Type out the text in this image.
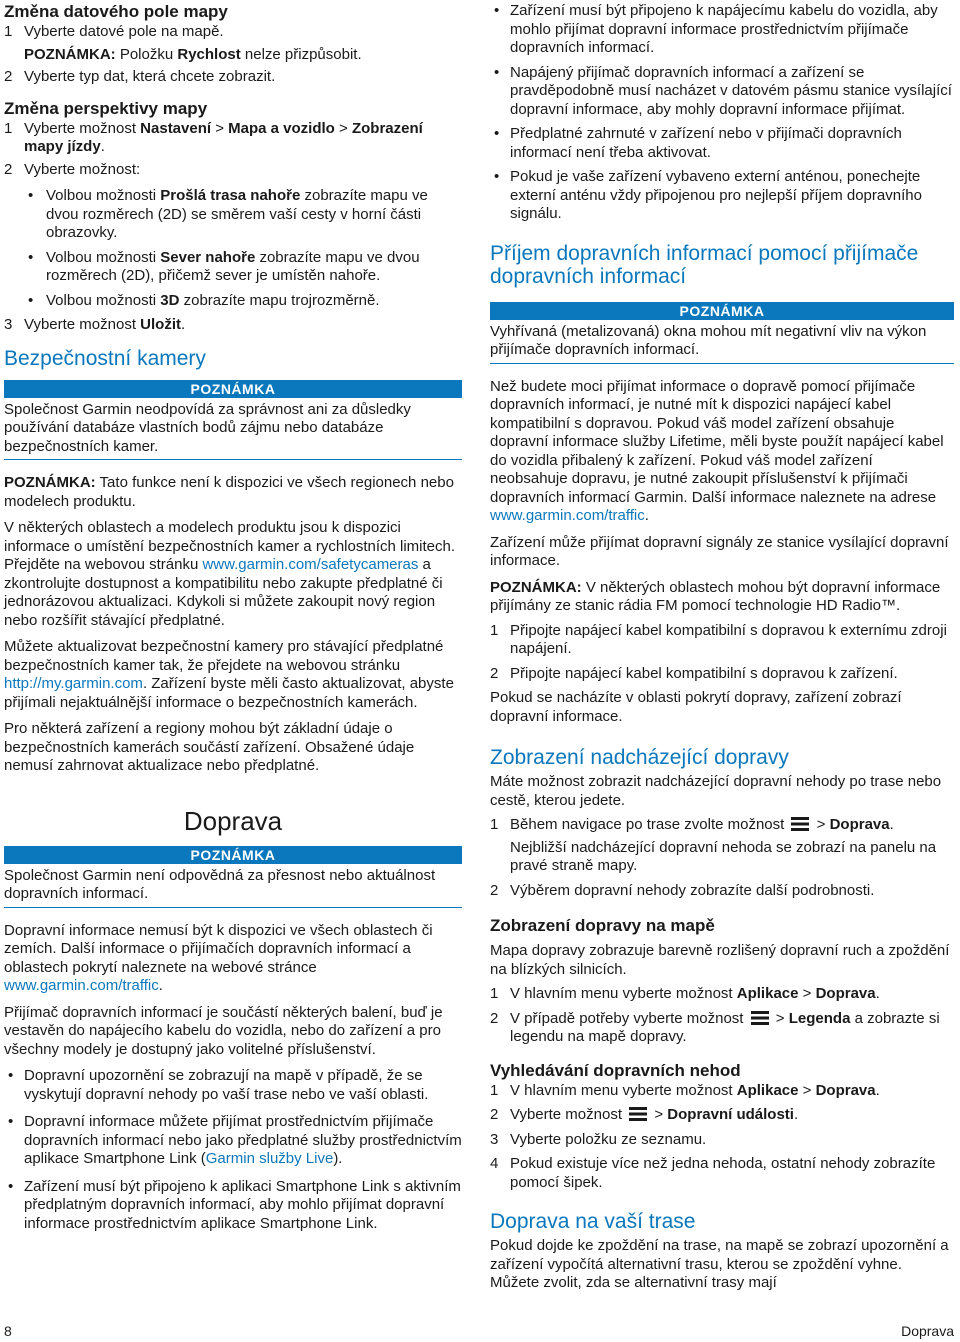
Změna datového pole mapy
1 Vyberte datové pole na mapě.
POZNÁMKA: Položku Rychlost nelze přizpůsobit.
2 Vyberte typ dat, která chcete zobrazit.
Změna perspektivy mapy
1 Vyberte možnost Nastavení > Mapa a vozidlo > Zobrazení mapy jízdy.
2 Vyberte možnost:
• Volbou možnosti Prošlá trasa nahoře zobrazíte mapu ve dvou rozměrech (2D) se směrem vaší cesty v horní části obrazovky.
• Volbou možnosti Sever nahoře zobrazíte mapu ve dvou rozměrech (2D), přičemž sever je umístěn nahoře.
• Volbou možnosti 3D zobrazíte mapu trojrozměrně.
3 Vyberte možnost Uložit.
Bezpečnostní kamery
POZNÁMKA
Společnost Garmin neodpovídá za správnost ani za důsledky používání databáze vlastních bodů zájmu nebo databáze bezpečnostních kamer.

POZNÁMKA: Tato funkce není k dispozici ve všech regionech nebo modelech produktu.

V některých oblastech a modelech produktu jsou k dispozici informace o umístění bezpečnostních kamer a rychlostních limitech. Přejděte na webovou stránku www.garmin.com/safetycameras a zkontrolujte dostupnost a kompatibilitu nebo zakupte předplatné či jednorázovou aktualizaci. Kdykoli si můžete zakoupit nový region nebo rozšířit stávající předplatné.

Můžete aktualizovat bezpečnostní kamery pro stávající předplatné bezpečnostních kamer tak, že přejdete na webovou stránku http://my.garmin.com. Zařízení byste měli často aktualizovat, abyste přijímali nejaktuálnější informace o bezpečnostních kamerách.

Pro některá zařízení a regiony mohou být základní údaje o bezpečnostních kamerách součástí zařízení. Obsažené údaje nemusí zahrnovat aktualizace nebo předplatné.

Doprava
POZNÁMKA
Společnost Garmin není odpovědná za přesnost nebo aktuálnost dopravních informací.

Dopravní informace nemusí být k dispozici ve všech oblastech či zemích. Další informace o přijímačích dopravních informací a oblastech pokrytí naleznete na webové stránce www.garmin.com/traffic.

Přijímač dopravních informací je součástí některých balení, buď je vestavěn do napájecího kabelu do vozidla, nebo do zařízení a pro všechny modely je dostupný jako volitelné příslušenství.

• Dopravní upozornění se zobrazují na mapě v případě, že se vyskytují dopravní nehody po vaší trase nebo ve vaší oblasti.
• Dopravní informace můžete přijímat prostřednictvím přijímače dopravních informací nebo jako předplatné služby prostřednictvím aplikace Smartphone Link (Garmin služby Live).
• Zařízení musí být připojeno k aplikaci Smartphone Link s aktivním předplatným dopravních informací, aby mohlo přijímat dopravní informace prostřednictvím aplikace Smartphone Link.
• Zařízení musí být připojeno k napájecímu kabelu do vozidla, aby mohlo přijímat dopravní informace prostřednictvím přijímače dopravních informací.
• Napájený přijímač dopravních informací a zařízení se pravděpodobně musí nacházet v datovém pásmu stanice vysílající dopravní informace, aby mohly dopravní informace přijímat.
• Předplatné zahrnuté v zařízení nebo v přijímači dopravních informací není třeba aktivovat.
• Pokud je vaše zařízení vybaveno externí anténou, ponechejte externí anténu vždy připojenou pro nejlepší příjem dopravního signálu.
Příjem dopravních informací pomocí přijímače dopravních informací
POZNÁMKA
Vyhřívaná (metalizovaná) okna mohou mít negativní vliv na výkon přijímače dopravních informací.

Než budete moci přijímat informace o dopravě pomocí přijímače dopravních informací, je nutné mít k dispozici napájecí kabel kompatibilní s dopravou. Pokud váš model zařízení obsahuje dopravní informace služby Lifetime, měli byste použít napájecí kabel do vozidla přibalený k zařízení. Pokud váš model zařízení neobsahuje dopravu, je nutné zakoupit příslušenství k přijímači dopravních informací Garmin. Další informace naleznete na adrese www.garmin.com/traffic.

Zařízení může přijímat dopravní signály ze stanice vysílající dopravní informace.

POZNÁMKA: V některých oblastech mohou být dopravní informace přijímány ze stanic rádia FM pomocí technologie HD Radio™.

1 Připojte napájecí kabel kompatibilní s dopravou k externímu zdroji napájení.
2 Připojte napájecí kabel kompatibilní s dopravou k zařízení.

Pokud se nacházíte v oblasti pokrytí dopravy, zařízení zobrazí dopravní informace.

Zobrazení nadcházející dopravy

Máte možnost zobrazit nadcházející dopravní nehody po trase nebo cestě, kterou jedete.

1 Během navigace po trase zvolte možnost  > Doprava.
Nejbližší nadcházející dopravní nehoda se zobrazí na panelu na pravé straně mapy.
2 Výběrem dopravní nehody zobrazíte další podrobnosti.
Zobrazení dopravy na mapě

Mapa dopravy zobrazuje barevně rozlišený dopravní ruch a zpoždění na blízkých silnicích.

1 V hlavním menu vyberte možnost Aplikace > Doprava.
2 V případě potřeby vyberte možnost  > Legenda a zobrazte si legendu na mapě dopravy.
Vyhledávání dopravních nehod
1 V hlavním menu vyberte možnost Aplikace > Doprava.
2 Vyberte možnost  > Dopravní události.
3 Vyberte položku ze seznamu.
4 Pokud existuje více než jedna nehoda, ostatní nehody zobrazíte pomocí šipek.
Doprava na vaší trase

Pokud dojde ke zpoždění na trase, na mapě se zobrazí upozornění a zařízení vypočítá alternativní trasu, kterou se zpoždění vyhne. Můžete zvolit, zda se alternativní trasy mají

8	Doprava
